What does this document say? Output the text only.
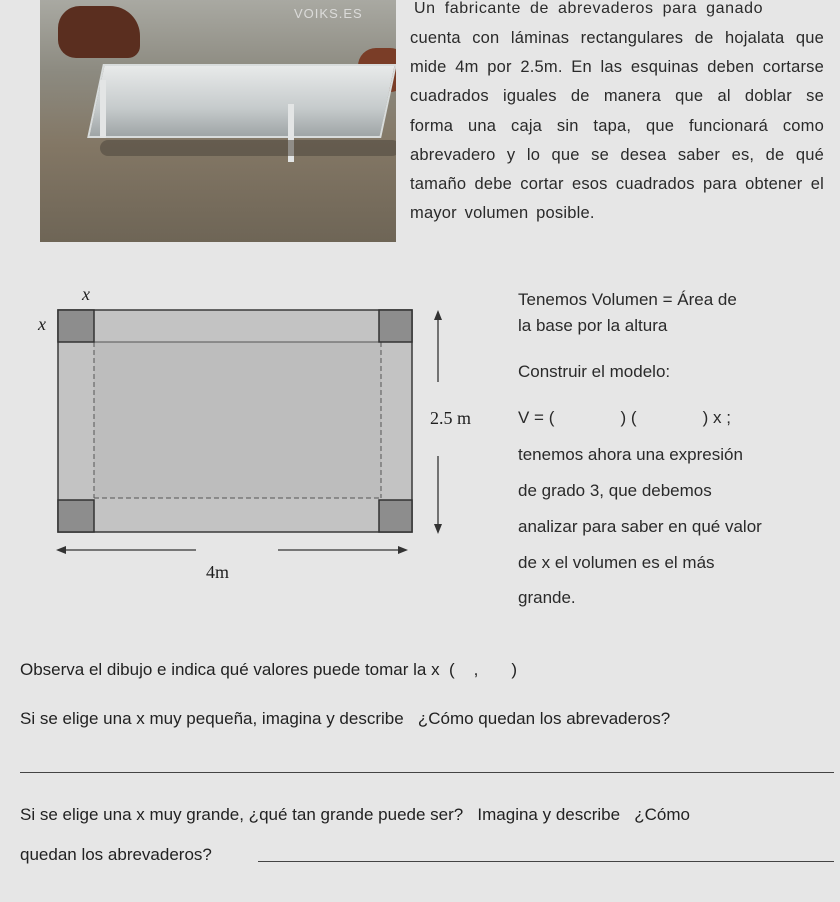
VOIKS.ES	Un fabricante de abrevaderos para ganado
cuenta con láminas rectangulares de hojalata que mide 4m por 2.5m. En las esquinas deben cortarse cuadrados iguales de manera que al doblar se forma una caja sin tapa, que funcionará como abrevadero y lo que se desea saber es, de qué tamaño debe cortar esos cuadrados para obtener el mayor volumen posible.
x
x
2.5 m
4m
Tenemos Volumen = Área de
la base por la altura
Construir el modelo:
V = (              ) (              ) x ;
tenemos ahora una expresión
de grado 3, que debemos
analizar para saber en qué valor
de x el volumen es el más
grande.
Observa el dibujo e indica qué valores puede tomar la x  (    ,       )
Si se elige una x muy pequeña, imagina y describe   ¿Cómo quedan los abrevaderos?
Si se elige una x muy grande, ¿qué tan grande puede ser?   Imagina y describe   ¿Cómo
quedan los abrevaderos?
